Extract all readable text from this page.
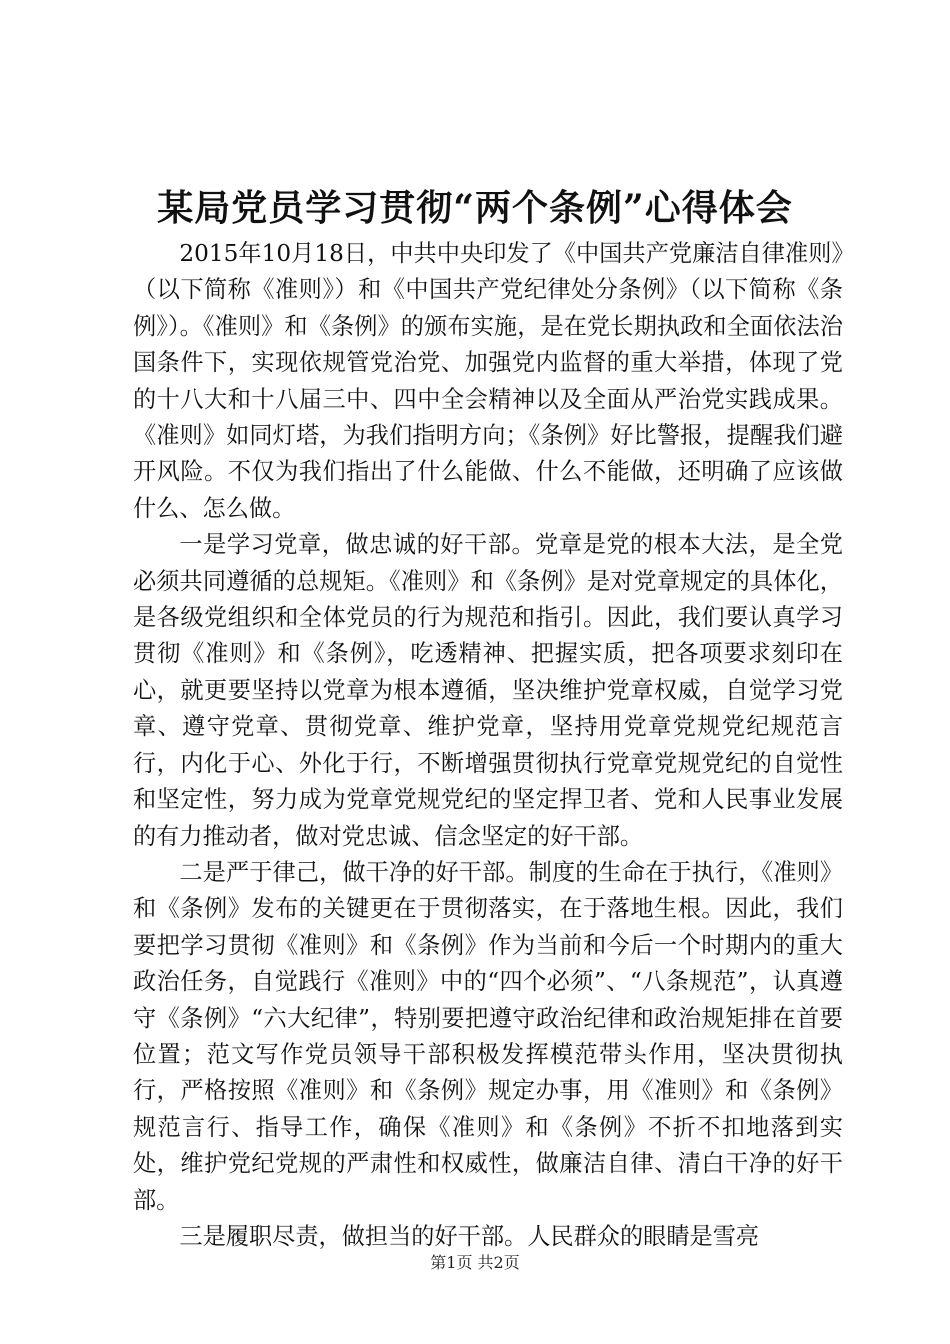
某局党员学习贯彻“两个条例”心得体会

2015年10月18日，中共中央印发了《中国共产党廉洁自律准则》（以下简称《准则》）和《中国共产党纪律处分条例》（以下简称《条例》）。《准则》和《条例》的颁布实施，是在党长期执政和全面依法治国条件下，实现依规管党治党、加强党内监督的重大举措，体现了党的十八大和十八届三中、四中全会精神以及全面从严治党实践成果。《准则》如同灯塔，为我们指明方向；《条例》好比警报，提醒我们避开风险。不仅为我们指出了什么能做、什么不能做，还明确了应该做什么、怎么做。

一是学习党章，做忠诚的好干部。党章是党的根本大法，是全党必须共同遵循的总规矩。《准则》和《条例》是对党章规定的具体化，是各级党组织和全体党员的行为规范和指引。因此，我们要认真学习贯彻《准则》和《条例》，吃透精神、把握实质，把各项要求刻印在心，就更要坚持以党章为根本遵循，坚决维护党章权威，自觉学习党章、遵守党章、贯彻党章、维护党章，坚持用党章党规党纪规范言行，内化于心、外化于行，不断增强贯彻执行党章党规党纪的自觉性和坚定性，努力成为党章党规党纪的坚定捍卫者、党和人民事业发展的有力推动者，做对党忠诚、信念坚定的好干部。

二是严于律己，做干净的好干部。制度的生命在于执行，《准则》和《条例》发布的关键更在于贯彻落实，在于落地生根。因此，我们要把学习贯彻《准则》和《条例》作为当前和今后一个时期内的重大政治任务，自觉践行《准则》中的“四个必须”、“八条规范”，认真遵守《条例》“六大纪律”，特别要把遵守政治纪律和政治规矩排在首要位置；范文写作党员领导干部积极发挥模范带头作用，坚决贯彻执行，严格按照《准则》和《条例》规定办事，用《准则》和《条例》规范言行、指导工作，确保《准则》和《条例》不折不扣地落到实处，维护党纪党规的严肃性和权威性，做廉洁自律、清白干净的好干部。

三是履职尽责，做担当的好干部。人民群众的眼睛是雪亮

第1页 共2页
